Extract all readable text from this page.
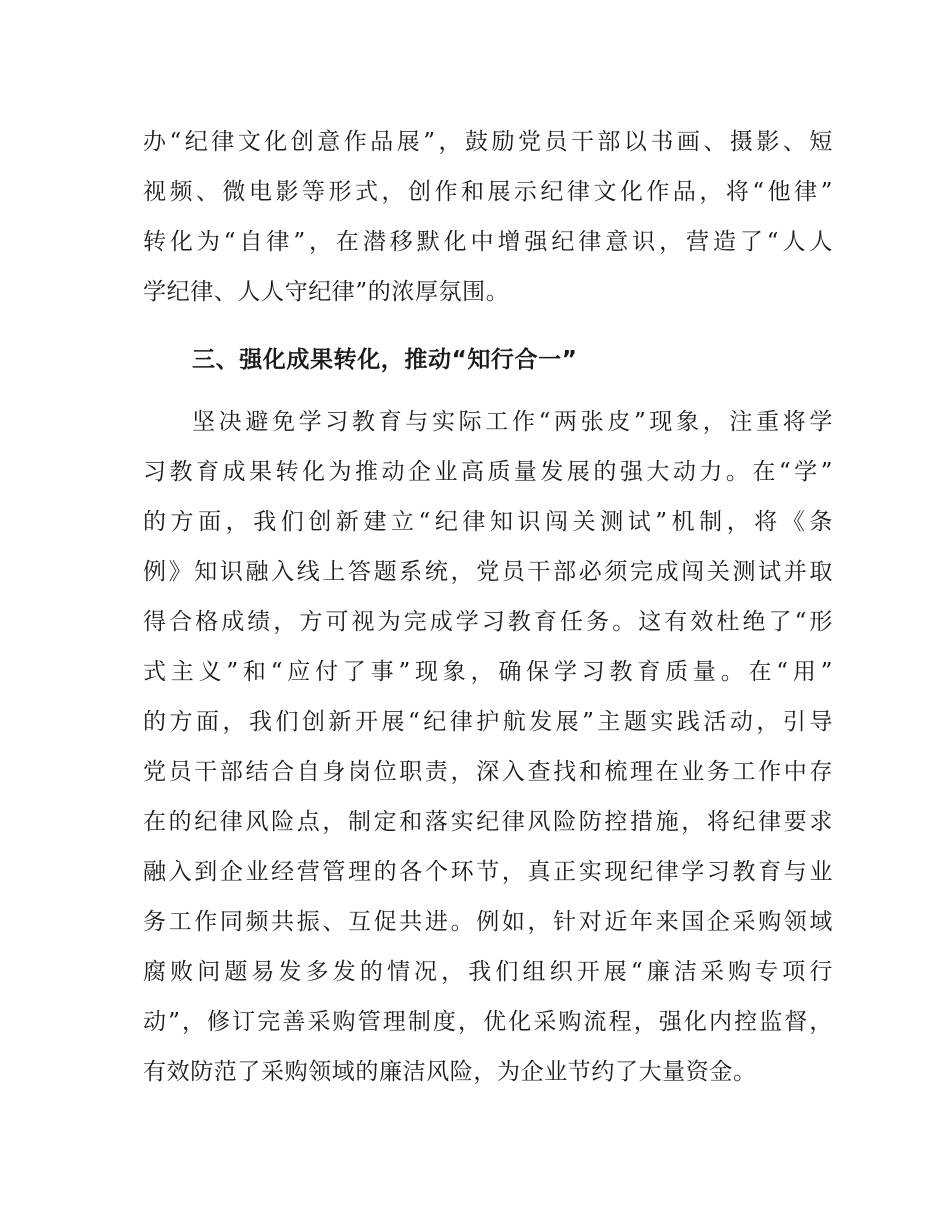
办“纪律文化创意作品展”，鼓励党员干部以书画、摄影、短
视频、微电影等形式，创作和展示纪律文化作品，将“他律”
转化为“自律”，在潜移默化中增强纪律意识，营造了“人人
学纪律、人人守纪律”的浓厚氛围。
三、强化成果转化，推动“知行合一”
坚决避免学习教育与实际工作“两张皮”现象，注重将学
习教育成果转化为推动企业高质量发展的强大动力。在“学”
的方面，我们创新建立“纪律知识闯关测试”机制，将《条
例》知识融入线上答题系统，党员干部必须完成闯关测试并取
得合格成绩，方可视为完成学习教育任务。这有效杜绝了“形
式主义”和“应付了事”现象，确保学习教育质量。在“用”
的方面，我们创新开展“纪律护航发展”主题实践活动，引导
党员干部结合自身岗位职责，深入查找和梳理在业务工作中存
在的纪律风险点，制定和落实纪律风险防控措施，将纪律要求
融入到企业经营管理的各个环节，真正实现纪律学习教育与业
务工作同频共振、互促共进。例如，针对近年来国企采购领域
腐败问题易发多发的情况，我们组织开展“廉洁采购专项行
动”，修订完善采购管理制度，优化采购流程，强化内控监督，
有效防范了采购领域的廉洁风险，为企业节约了大量资金。
